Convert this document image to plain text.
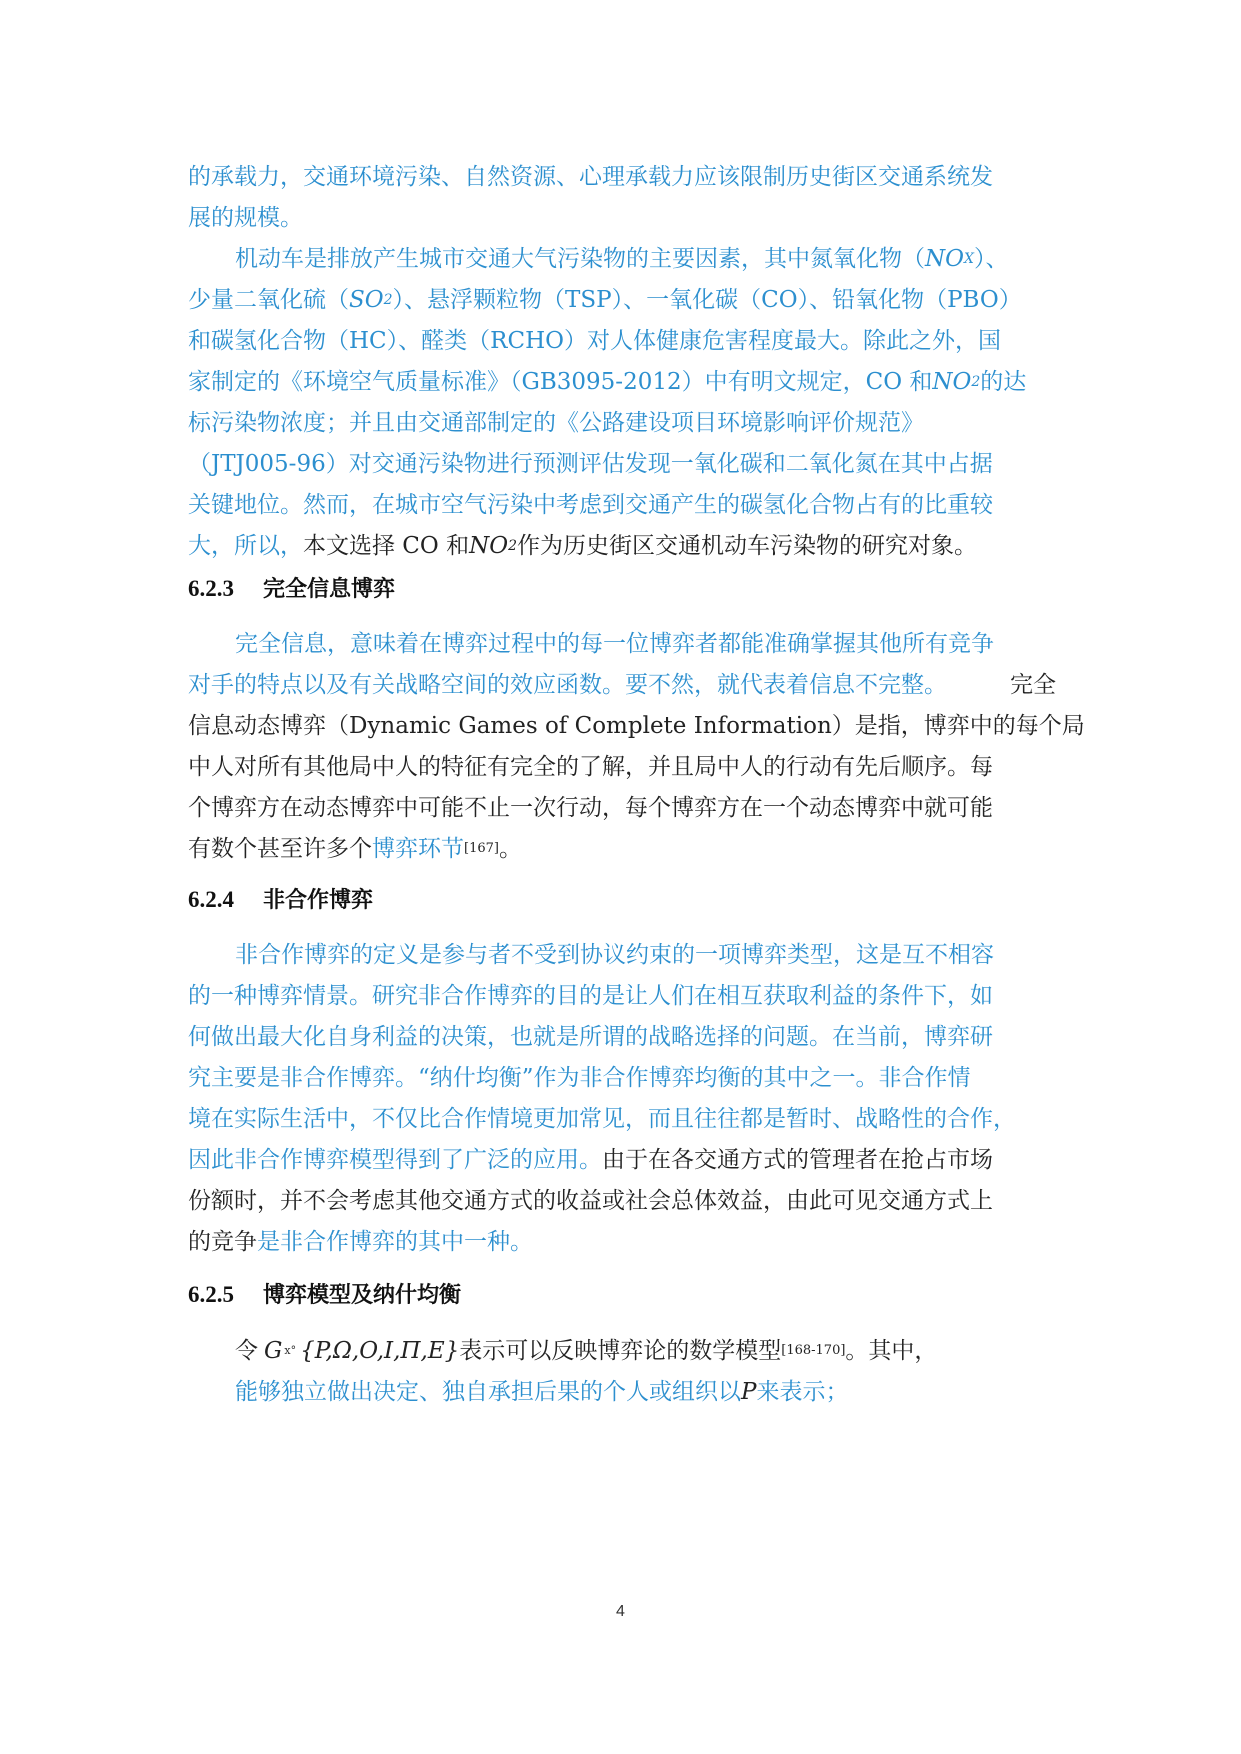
的承载力，交通环境污染、自然资源、心理承载力应该限制历史街区交通系统发
展的规模。
机动车是排放产生城市交通大气污染物的主要因素，其中氮氧化物（ NO X ）、
少量二氧化硫（ SO 2 ）、悬浮颗粒物（TSP）、一氧化碳（CO）、铅氧化物（PBO）
和碳氢化合物（HC）、醛类（RCHO）对人体健康危害程度最大。除此之外，国
家制定的《环境空气质量标准》（GB3095-2012）中有明文规定，CO 和 NO 2 的达
标污染物浓度；并且由交通部制定的《公路建设项目环境影响评价规范》
（JTJ005-96）对交通污染物进行预测评估发现一氧化碳和二氧化氮在其中占据
关键地位。然而，在城市空气污染中考虑到交通产生的碳氢化合物占有的比重较
大，所以， 本文选择 CO 和 NO 2 作为历史街区交通机动车污染物的研究对象。
6.2.3 完全信息博弈
完全信息，意味着在博弈过程中的每一位博弈者都能准确掌握其他所有竞争
对手的特点以及有关战略空间的效应函数。要不然，就代表着信息不完整。	完全
信息动态博弈（Dynamic Games of Complete Information）是指，博弈中的每个局
中人对所有其他局中人的特征有完全的了解，并且局中人的行动有先后顺序。每
个博弈方在动态博弈中可能不止一次行动，每个博弈方在一个动态博弈中就可能
有数个甚至许多个 博弈环节 [167] 。
6.2.4 非合作博弈
非合作博弈的定义是参与者不受到协议约束的一项博弈类型，这是互不相容
的一种博弈情景。研究非合作博弈的目的是让人们在相互获取利益的条件下，如
何做出最大化自身利益的决策，也就是所谓的战略选择的问题。在当前，博弈研
究主要是非合作博弈。“纳什均衡”作为非合作博弈均衡的其中之一。非合作情
境在实际生活中，不仅比合作情境更加常见，而且往往都是暂时、战略性的合作，
因此非合作博弈模型得到了广泛的应用。 由于在各交通方式的管理者在抢占市场
份额时，并不会考虑其他交通方式的收益或社会总体效益，由此可见交通方式上
的竞争 是非合作博弈的其中一种。
6.2.5 博弈模型及纳什均衡
令 G x° {P,Ω,O,I,Π,E} 表示可以反映博弈论的数学模型 [168-170] 。其中，
能够独立做出决定、独自承担后果的个人或组织以 P 来表示；
4
